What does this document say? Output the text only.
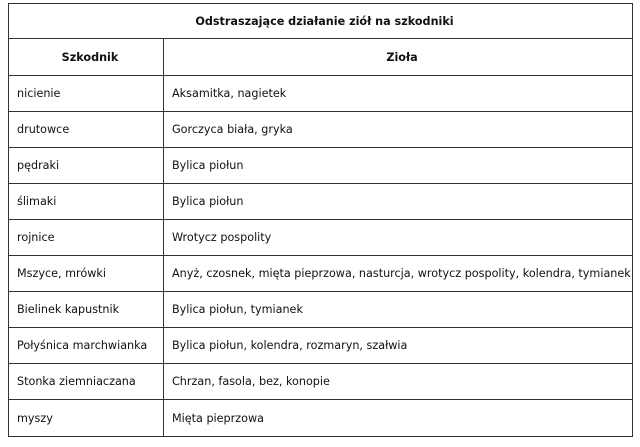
Odstraszające działanie ziół na szkodniki	
Szkodnik	Zioła
nicienie	Aksamitka, nagietek
drutowce	Gorczyca biała, gryka
pędraki	Bylica piołun
ślimaki	Bylica piołun
rojnice	Wrotycz pospolity
Mszyce, mrówki	Anyż, czosnek, mięta pieprzowa, nasturcja, wrotycz pospolity, kolendra, tymianek
Bielinek kapustnik	Bylica piołun, tymianek
Połyśnica marchwianka	Bylica piołun, kolendra, rozmaryn, szałwia
Stonka ziemniaczana	Chrzan, fasola, bez, konopie
myszy	Mięta pieprzowa
